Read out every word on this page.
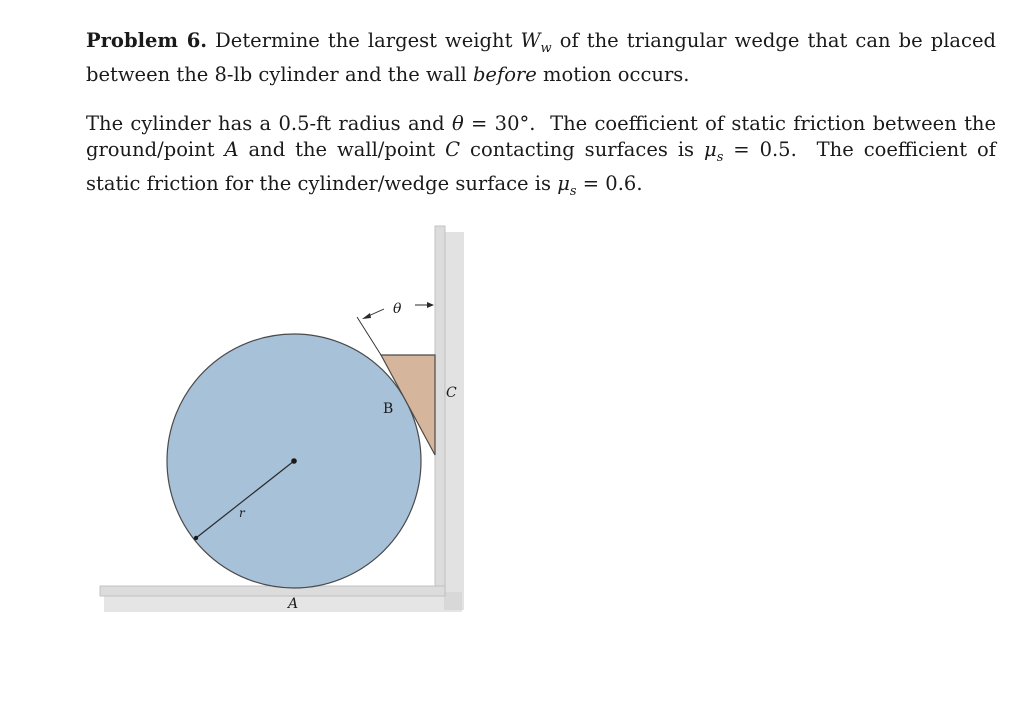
Problem 6. Determine the largest weight $W_w$ of the triangular wedge that can be placed between the 8-lb cylinder and the wall before motion occurs.

The cylinder has a 0.5-ft radius and θ = 30°. The coefficient of static friction between the ground/point A and the wall/point C contacting surfaces is $\mu_s = 0.5$. The coefficient of static friction for the cylinder/wedge surface is $\mu_s = 0.6$.

θ
B
C
r
A
